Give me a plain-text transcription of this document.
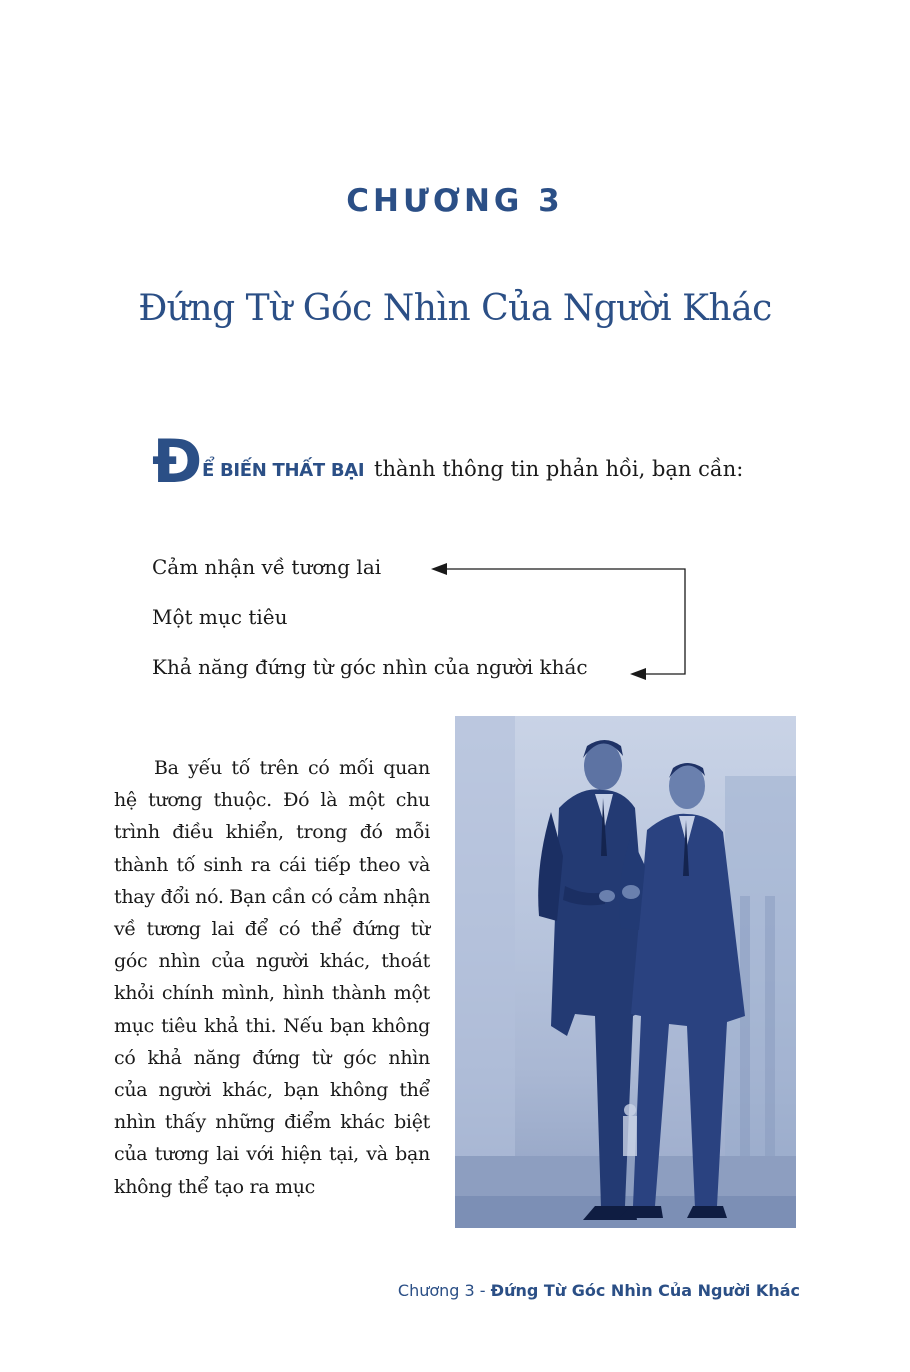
CHƯƠNG 3
Đứng Từ Góc Nhìn Của Người Khác
Đ Ể BIẾN THẤT BẠI thành thông tin phản hồi, bạn cần:
Cảm nhận về tương lai
Một mục tiêu
Khả năng đứng từ góc nhìn của người khác
Ba yếu tố trên có mối quan hệ tương thuộc. Đó là một chu trình điều khiển, trong đó mỗi thành tố sinh ra cái tiếp theo và thay đổi nó. Bạn cần có cảm nhận về tương lai để có thể đứng từ góc nhìn của người khác, thoát khỏi chính mình, hình thành một mục tiêu khả thi. Nếu bạn không có khả năng đứng từ góc nhìn của người khác, bạn không thể nhìn thấy những điểm khác biệt của tương lai với hiện tại, và bạn không thể tạo ra mục
Chương 3 - Đứng Từ Góc Nhìn Của Người Khác
